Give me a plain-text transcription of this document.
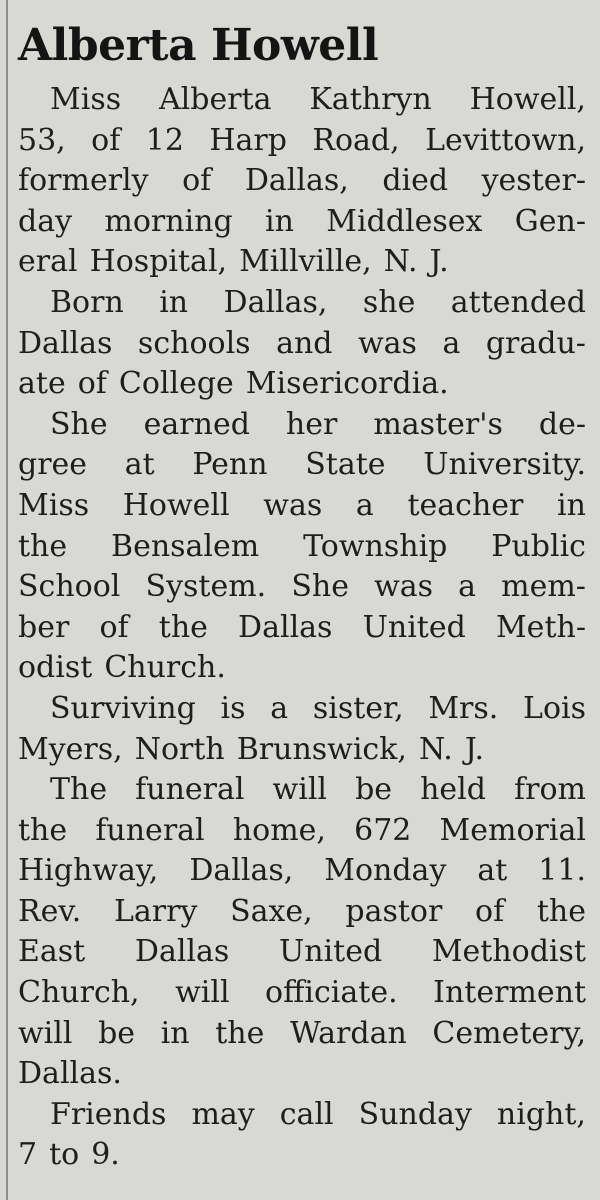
Alberta Howell
Miss Alberta Kathryn Howell,
53, of 12 Harp Road, Levittown,
formerly of Dallas, died yester-
day morning in Middlesex Gen-
eral Hospital, Millville, N. J.
Born in Dallas, she attended
Dallas schools and was a gradu-
ate of College Misericordia.
She earned her master's de-
gree at Penn State University.
Miss Howell was a teacher in
the Bensalem Township Public
School System. She was a mem-
ber of the Dallas United Meth-
odist Church.
Surviving is a sister, Mrs. Lois
Myers, North Brunswick, N. J.
The funeral will be held from
the funeral home, 672 Memorial
Highway, Dallas, Monday at 11.
Rev. Larry Saxe, pastor of the
East Dallas United Methodist
Church, will officiate. Interment
will be in the Wardan Cemetery,
Dallas.
Friends may call Sunday night,
7 to 9.
